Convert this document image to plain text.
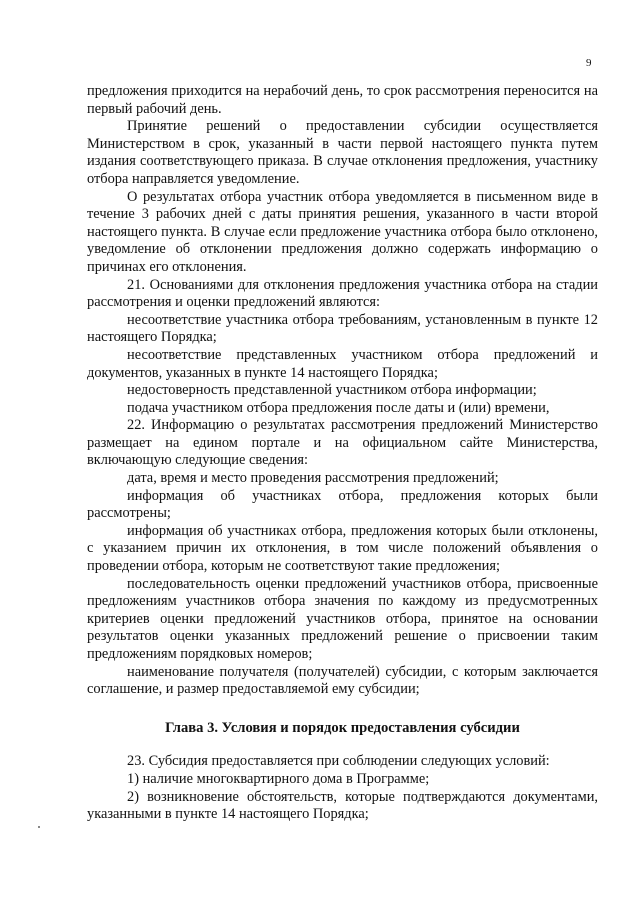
9

предложения приходится на нерабочий день, то срок рассмотрения переносится на первый рабочий день.

Принятие решений о предоставлении субсидии осуществляется Министерством в срок, указанный в части первой настоящего пункта путем издания соответствующего приказа. В случае отклонения предложения, участнику отбора направляется уведомление.

О результатах отбора участник отбора уведомляется в письменном виде в течение 3 рабочих дней с даты принятия решения, указанного в части второй настоящего пункта. В случае если предложение участника отбора было отклонено, уведомление об отклонении предложения должно содержать информацию о причинах его отклонения.

21. Основаниями для отклонения предложения участника отбора на стадии рассмотрения и оценки предложений являются:

несоответствие участника отбора требованиям, установленным в пункте 12 настоящего Порядка;

несоответствие представленных участником отбора предложений и документов, указанных в пункте 14 настоящего Порядка;

недостоверность представленной участником отбора информации;

подача участником отбора предложения после даты и (или) времени,

22. Информацию о результатах рассмотрения предложений Министерство размещает на едином портале и на официальном сайте Министерства, включающую следующие сведения:

дата, время и место проведения рассмотрения предложений;

информация об участниках отбора, предложения которых были рассмотрены;

информация об участниках отбора, предложения которых были отклонены, с указанием причин их отклонения, в том числе положений объявления о проведении отбора, которым не соответствуют такие предложения;

последовательность оценки предложений участников отбора, присвоенные предложениям участников отбора значения по каждому из предусмотренных критериев оценки предложений участников отбора, принятое на основании результатов оценки указанных предложений решение о присвоении таким предложениям порядковых номеров;

наименование получателя (получателей) субсидии, с которым заключается соглашение, и размер предоставляемой ему субсидии;

Глава 3. Условия и порядок предоставления субсидии

23. Субсидия предоставляется при соблюдении следующих условий:

1) наличие многоквартирного дома в Программе;

2) возникновение обстоятельств, которые подтверждаются документами, указанными в пункте 14 настоящего Порядка;
